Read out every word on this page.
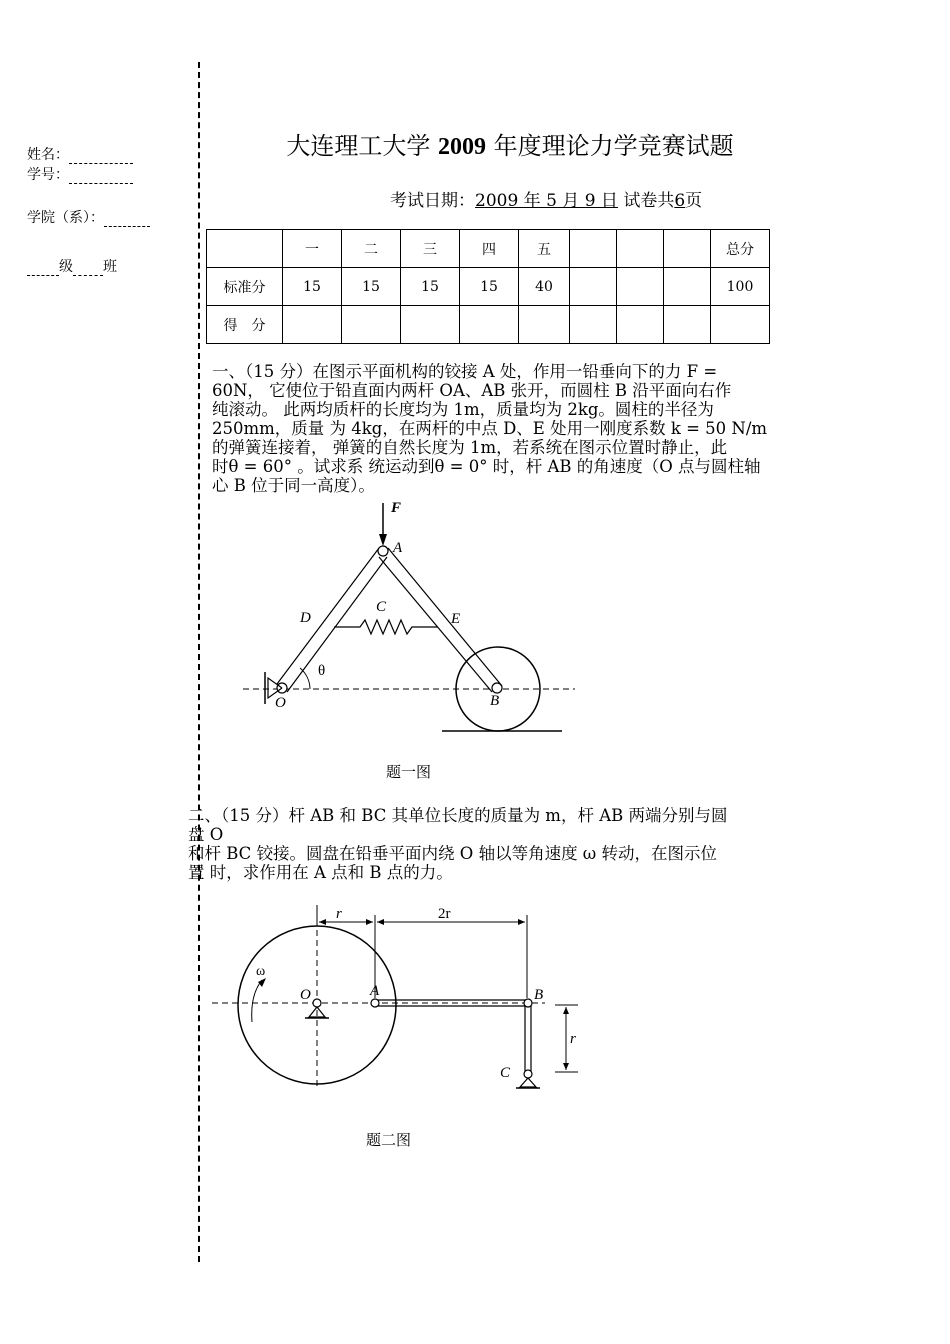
姓名：
学号：
学院（系）：
级 班
大连理工大学 2009 年度理论力学竞赛试题
考试日期：2009 年 5 月 9 日 试卷共6页
	一	二	三	四	五				总分
标准分	15	15	15	15	40				100
得　分									
一、（15 分）在图示平面机构的铰接 A 处，作用一铅垂向下的力 F =
60N， 它使位于铅直面内两杆 OA、AB 张开，而圆柱 B 沿平面向右作
纯滚动。 此两均质杆的长度均为 1m，质量均为 2kg。圆柱的半径为
250mm，质量 为 4kg，在两杆的中点 D、E 处用一刚度系数 k = 50 N/m
的弹簧连接着， 弹簧的自然长度为 1m，若系统在图示位置时静止，此
时θ = 60° 。试求系 统运动到θ = 0° 时，杆 AB 的角速度（O 点与圆柱轴
心 B 位于同一高度）。
F
A
D
C
E
θ
O	B
题一图
二、（15 分）杆 AB 和 BC 其单位长度的质量为 m，杆 AB 两端分别与圆
盘 O
和杆 BC 铰接。圆盘在铅垂平面内绕 O 轴以等角速度 ω 转动，在图示位
置 时，求作用在 A 点和 B 点的力。
r	2r
ω
O	A	B
C
r
题二图
